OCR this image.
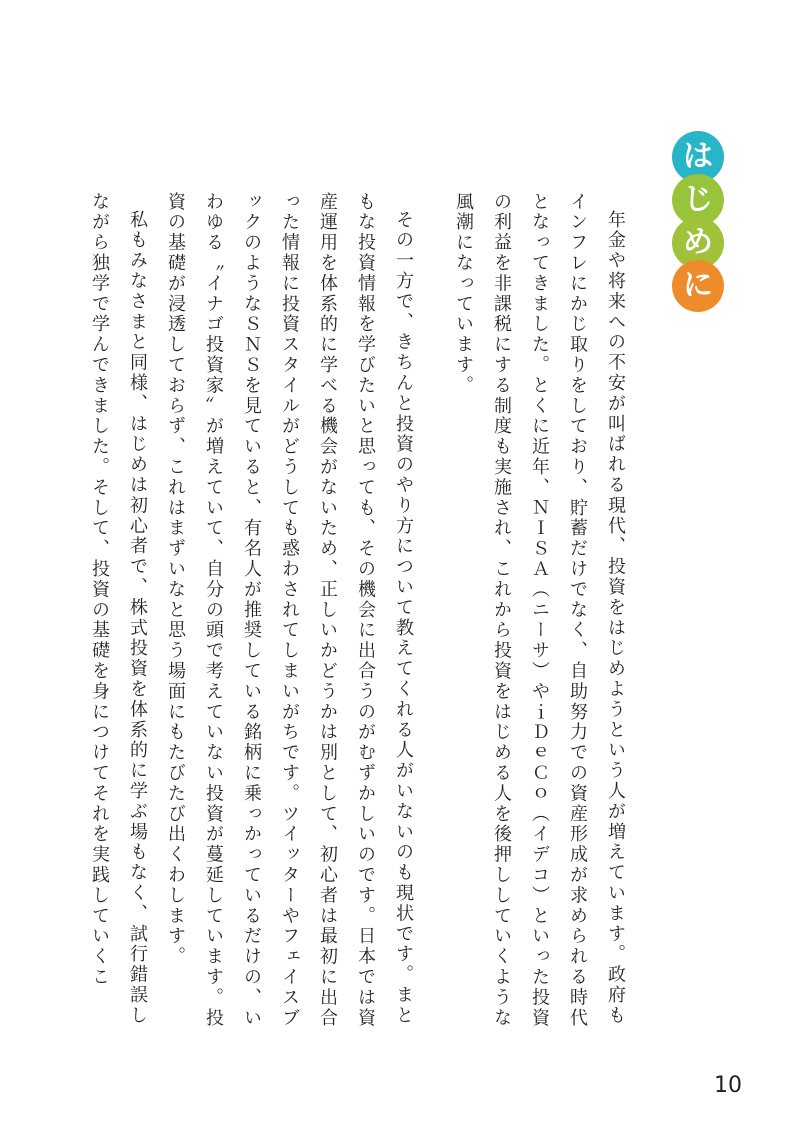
は
じ
め
に

年金や将来への不安が叫ばれる現代、投資をはじめようという人が増えています。政府もインフレにかじ取りをしており、貯蓄だけでなく、自助努力での資産形成が求められる時代となってきました。とくに近年、ＮＩＳＡ（ニーサ）やｉＤｅＣｏ（イデコ）といった投資の利益を非課税にする制度も実施され、これから投資をはじめる人を後押ししていくような風潮になっています。

その一方で、きちんと投資のやり方について教えてくれる人がいないのも現状です。まともな投資情報を学びたいと思っても、その機会に出合うのがむずかしいのです。日本では資産運用を体系的に学べる機会がないため、正しいかどうかは別として、初心者は最初に出合った情報に投資スタイルがどうしても惑わされてしまいがちです。ツイッターやフェイスブックのようなＳＮＳを見ていると、有名人が推奨している銘柄に乗っかっているだけの、いわゆる〝イナゴ投資家〟が増えていて、自分の頭で考えていない投資が蔓延しています。投資の基礎が浸透しておらず、これはまずいなと思う場面にもたびたび出くわします。

私もみなさまと同様、はじめは初心者で、株式投資を体系的に学ぶ場もなく、試行錯誤しながら独学で学んできました。そして、投資の基礎を身につけてそれを実践していくこ

10
